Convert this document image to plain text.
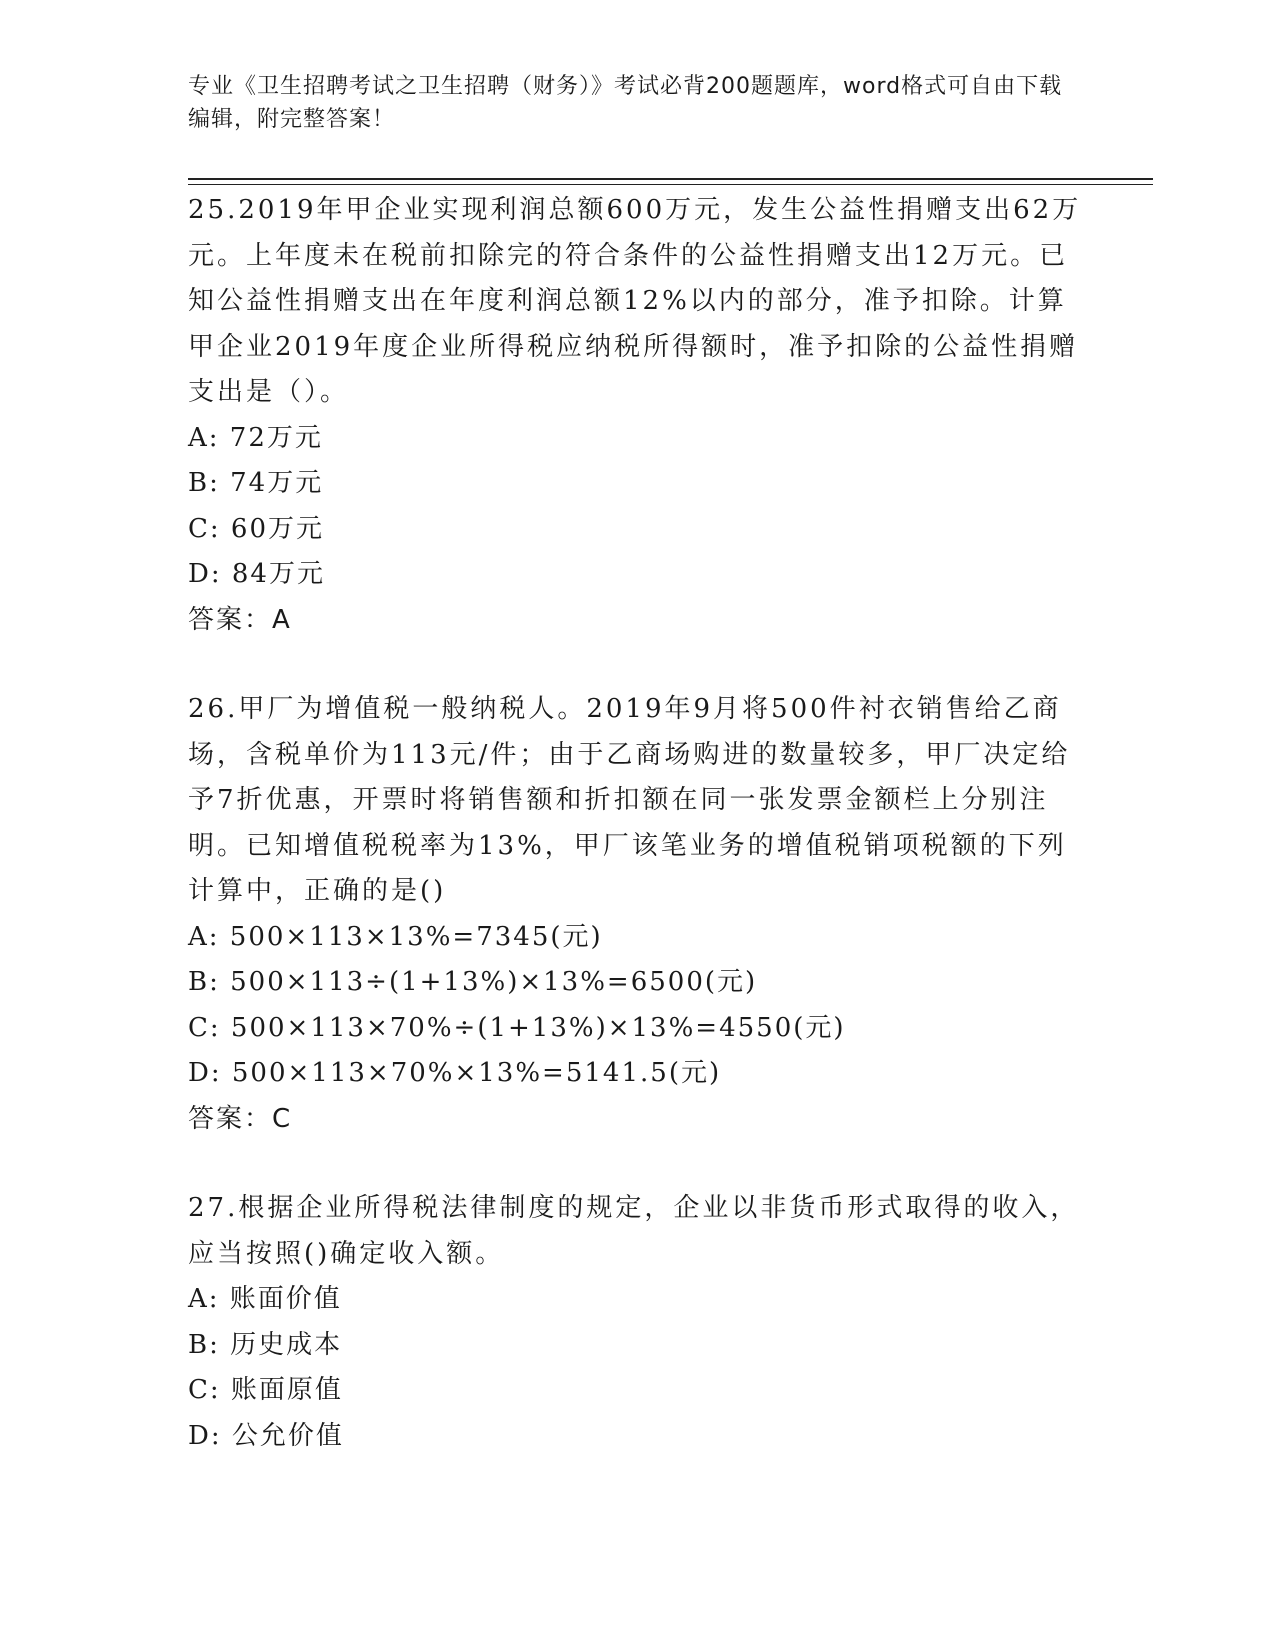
专业《卫生招聘考试之卫生招聘（财务）》考试必背200题题库，word格式可自由下载编辑，附完整答案！

25.2019年甲企业实现利润总额600万元，发生公益性捐赠支出62万元。上年度未在税前扣除完的符合条件的公益性捐赠支出12万元。已知公益性捐赠支出在年度利润总额12%以内的部分，准予扣除。计算甲企业2019年度企业所得税应纳税所得额时，准予扣除的公益性捐赠支出是（）。

A: 72万元

B: 74万元

C: 60万元

D: 84万元

答案：A

26.甲厂为增值税一般纳税人。2019年9月将500件衬衣销售给乙商场，含税单价为113元/件；由于乙商场购进的数量较多，甲厂决定给予7折优惠，开票时将销售额和折扣额在同一张发票金额栏上分别注明。已知增值税税率为13%，甲厂该笔业务的增值税销项税额的下列计算中，正确的是()

A: 500×113×13%=7345(元)

B: 500×113÷(1+13%)×13%=6500(元)

C: 500×113×70%÷(1+13%)×13%=4550(元)

D: 500×113×70%×13%=5141.5(元)

答案：C

27.根据企业所得税法律制度的规定，企业以非货币形式取得的收入，应当按照()确定收入额。

A: 账面价值

B: 历史成本

C: 账面原值

D: 公允价值
